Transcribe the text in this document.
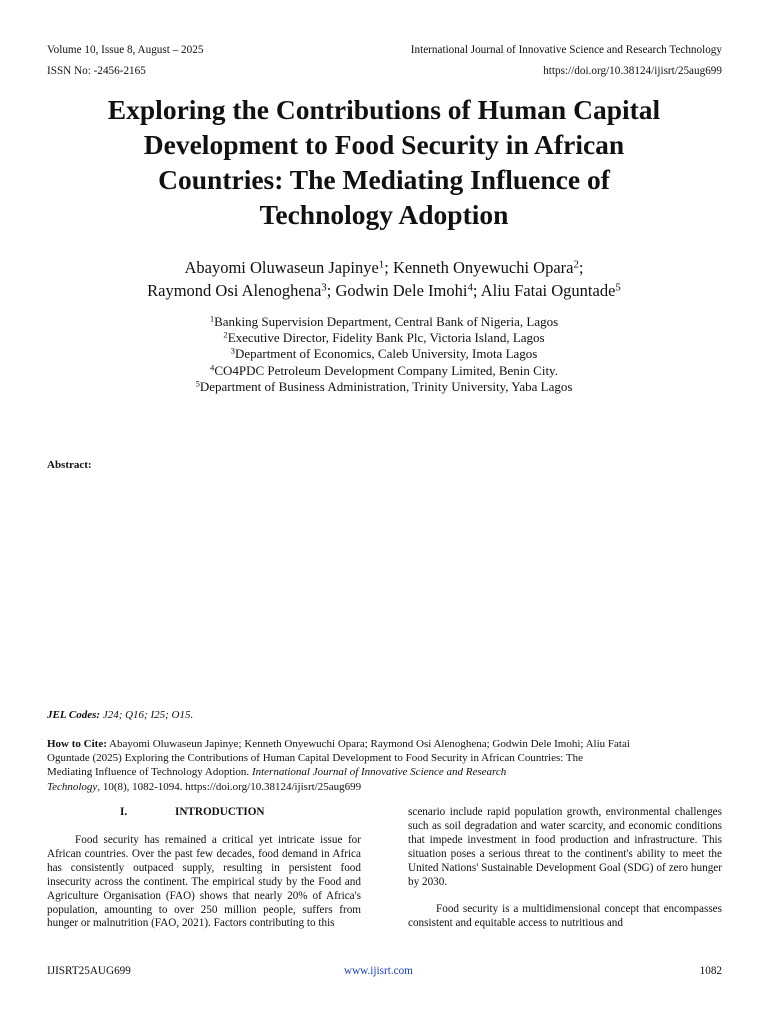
Volume 10, Issue 8, August – 2025	International Journal of Innovative Science and Research Technology
ISSN No: -2456-2165	https://doi.org/10.38124/ijisrt/25aug699
Exploring the Contributions of Human Capital
Development to Food Security in African
Countries: The Mediating Influence of
Technology Adoption
Abayomi Oluwaseun Japinye$^1$; Kenneth Onyewuchi Opara$^2$;
Raymond Osi Alenoghena$^3$; Godwin Dele Imohi$^4$; Aliu Fatai Oguntade$^5$
$^1$Banking Supervision Department, Central Bank of Nigeria, Lagos
$^2$Executive Director, Fidelity Bank Plc, Victoria Island, Lagos
$^3$Department of Economics, Caleb University, Imota Lagos
$^4$CO4PDC Petroleum Development Company Limited, Benin City.
$^5$Department of Business Administration, Trinity University, Yaba Lagos
Abstract:
JEL Codes: J24; Q16; I25; O15.
How to Cite: Abayomi Oluwaseun Japinye; Kenneth Onyewuchi Opara; Raymond Osi Alenoghena; Godwin Dele Imohi; Aliu Fatai
Oguntade (2025) Exploring the Contributions of Human Capital Development to Food Security in African Countries: The
Mediating Influence of Technology Adoption. International Journal of Innovative Science and Research
Technology, 10(8), 1082-1094. https://doi.org/10.38124/ijisrt/25aug699
I.	INTRODUCTION

Food security has remained a critical yet intricate issue for African countries. Over the past few decades, food demand in Africa has consistently outpaced supply, resulting in persistent food insecurity across the continent. The empirical study by the Food and Agriculture Organisation (FAO) shows that nearly 20% of Africa's population, amounting to over 250 million people, suffers from hunger or malnutrition (FAO, 2021). Factors contributing to this

scenario include rapid population growth, environmental challenges such as soil degradation and water scarcity, and economic conditions that impede investment in food production and infrastructure. This situation poses a serious threat to the continent's ability to meet the United Nations' Sustainable Development Goal (SDG) of zero hunger by 2030.

Food security is a multidimensional concept that encompasses consistent and equitable access to nutritious and

IJISRT25AUG699	www.ijisrt.com	1082
